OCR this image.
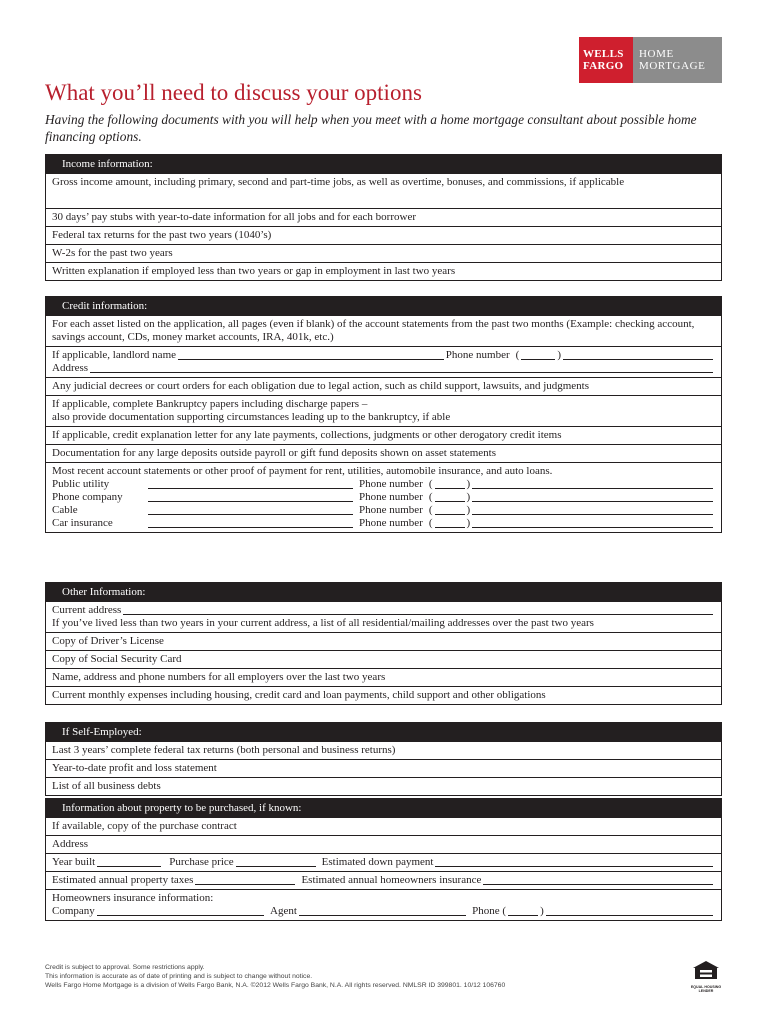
WELLS
FARGO
HOME
MORTGAGE
What you’ll need to discuss your options

Having the following documents with you will help when you meet with a home mortgage consultant about possible home financing options.

Income information:
Gross income amount, including primary, second and part-time jobs, as well as overtime, bonuses, and commissions, if applicable
30 days’ pay stubs with year-to-date information for all jobs and for each borrower
Federal tax returns for the past two years (1040’s)
W-2s for the past two years
Written explanation if employed less than two years or gap in employment in last two years
Credit information:
For each asset listed on the application, all pages (even if blank) of the account statements from the past two months (Example: checking account, savings account, CDs, money market accounts, IRA, 401k, etc.)
If applicable, landlord name	Phone number (	)
Address
Any judicial decrees or court orders for each obligation due to legal action, such as child support, lawsuits, and judgments
If applicable, complete Bankruptcy papers including discharge papers –
also provide documentation supporting circumstances leading up to the bankruptcy, if able
If applicable, credit explanation letter for any late payments, collections, judgments or other derogatory credit items
Documentation for any large deposits outside payroll or gift fund deposits shown on asset statements
Most recent account statements or other proof of payment for rent, utilities, automobile insurance, and auto loans.
Public utility	Phone number (	)
Phone company	Phone number (	)
Cable	Phone number (	)
Car insurance	Phone number (	)
Other Information:
Current address
If you’ve lived less than two years in your current address, a list of all residential/mailing addresses over the past two years
Copy of Driver’s License
Copy of Social Security Card
Name, address and phone numbers for all employers over the last two years
Current monthly expenses including housing, credit card and loan payments, child support and other obligations
If Self-Employed:
Last 3 years’ complete federal tax returns (both personal and business returns)
Year-to-date profit and loss statement
List of all business debts
Information about property to be purchased, if known:
If available, copy of the purchase contract
Address
Year built	Purchase price	Estimated down payment
Estimated annual property taxes	Estimated annual homeowners insurance
Homeowners insurance information:
Company	Agent	Phone (	)
Credit is subject to approval. Some restrictions apply.
This information is accurate as of date of printing and is subject to change without notice.
Wells Fargo Home Mortgage is a division of Wells Fargo Bank, N.A. ©2012 Wells Fargo Bank, N.A. All rights reserved. NMLSR ID 399801. 10/12 106760	EQUAL HOUSING
LENDER
